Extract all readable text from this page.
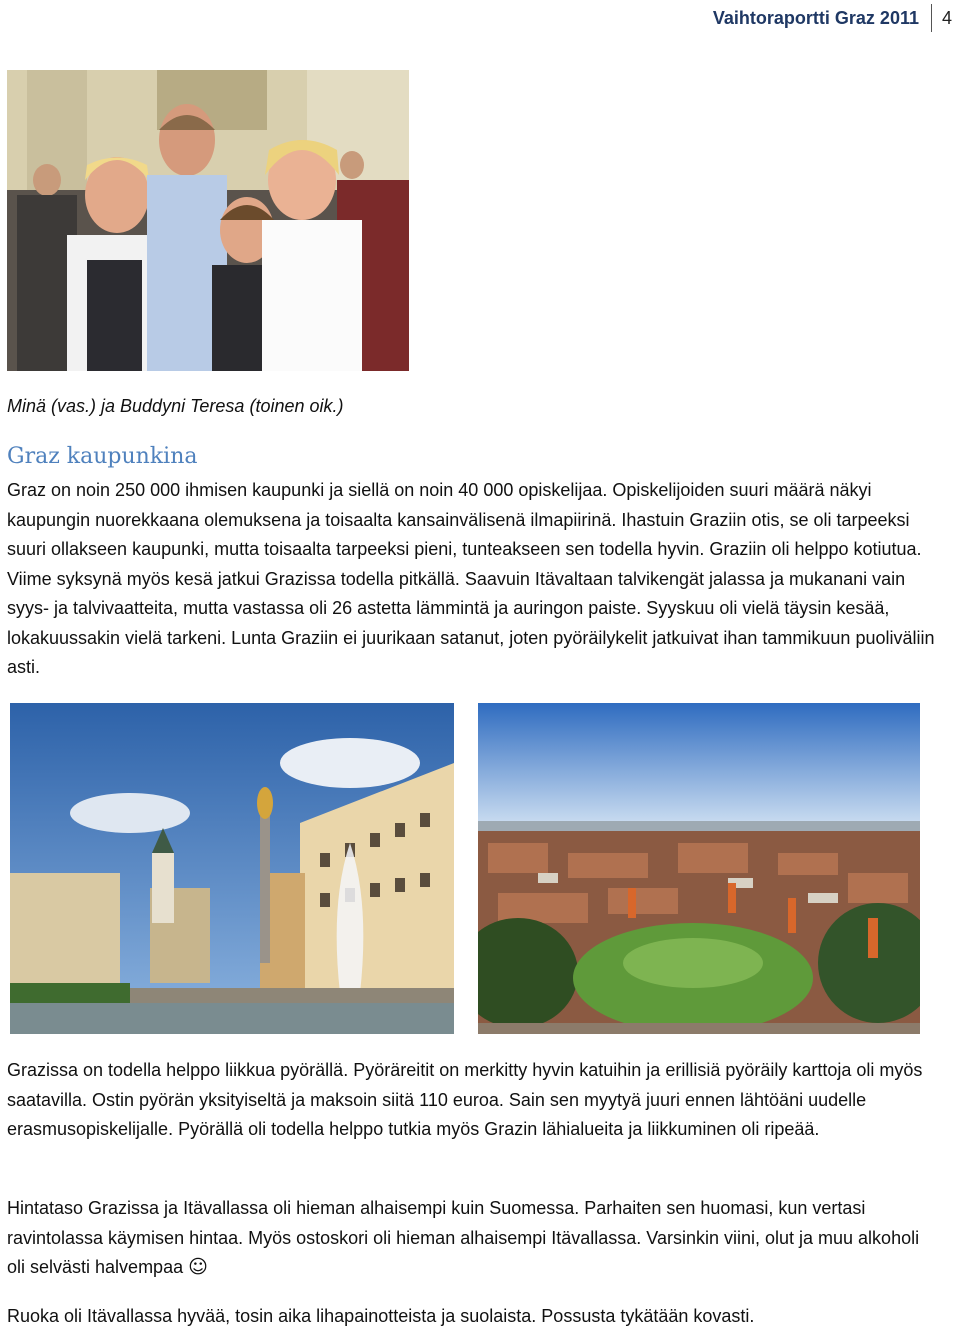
Vaihtoraportti Graz 2011	4
Minä (vas.) ja Buddyni Teresa (toinen oik.)
Graz kaupunkina

Graz on noin 250 000 ihmisen kaupunki ja siellä on noin 40 000 opiskelijaa. Opiskelijoiden suuri määrä näkyi kaupungin nuorekkaana olemuksena ja toisaalta kansainvälisenä ilmapiirinä. Ihastuin Graziin otis, se oli tarpeeksi suuri ollakseen kaupunki, mutta toisaalta tarpeeksi pieni, tunteakseen sen todella hyvin. Graziin oli helppo kotiutua. Viime syksynä myös kesä jatkui Grazissa todella pitkällä. Saavuin Itävaltaan talvikengät jalassa ja mukanani vain syys- ja talvivaatteita, mutta vastassa oli 26 astetta lämmintä ja auringon paiste. Syyskuu oli vielä täysin kesää, lokakuussakin vielä tarkeni. Lunta Graziin ei juurikaan satanut, joten pyöräilykelit jatkuivat ihan tammikuun puoliväliin asti.

Grazissa on todella helppo liikkua pyörällä. Pyöräreitit on merkitty hyvin katuihin ja erillisiä pyöräily karttoja oli myös saatavilla. Ostin pyörän yksityiseltä ja maksoin siitä 110 euroa. Sain sen myytyä juuri ennen lähtöäni uudelle erasmusopiskelijalle. Pyörällä oli todella helppo tutkia myös Grazin lähialueita ja liikkuminen oli ripeää.

Hintataso Grazissa ja Itävallassa oli hieman alhaisempi kuin Suomessa. Parhaiten sen huomasi, kun vertasi ravintolassa käymisen hintaa. Myös ostoskori oli hieman alhaisempi Itävallassa. Varsinkin viini, olut ja muu alkoholi oli selvästi halvempaa ☺

Ruoka oli Itävallassa hyvää, tosin aika lihapainotteista ja suolaista. Possusta tykätään kovasti.
